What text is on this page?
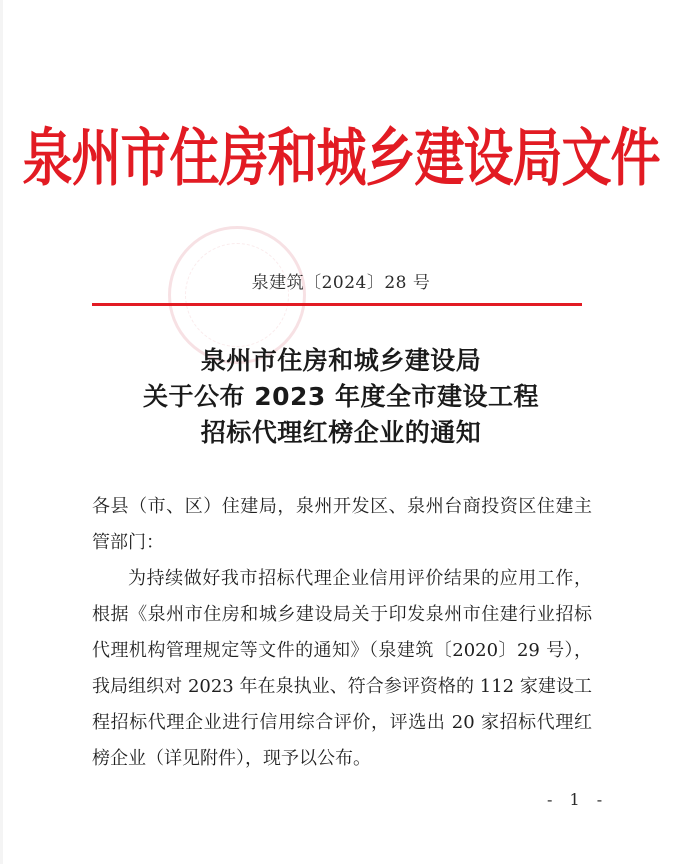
泉州市住房和城乡建设局文件
泉建筑〔2024〕28 号
泉州市住房和城乡建设局
关于公布 2023 年度全市建设工程
招标代理红榜企业的通知

各县（市、区）住建局，泉州开发区、泉州台商投资区住建主管部门：

为持续做好我市招标代理企业信用评价结果的应用工作，根据《泉州市住房和城乡建设局关于印发泉州市住建行业招标代理机构管理规定等文件的通知》（泉建筑〔2020〕29 号），我局组织对 2023 年在泉执业、符合参评资格的 112 家建设工程招标代理企业进行信用综合评价，评选出 20 家招标代理红榜企业（详见附件），现予以公布。

- 1 -
